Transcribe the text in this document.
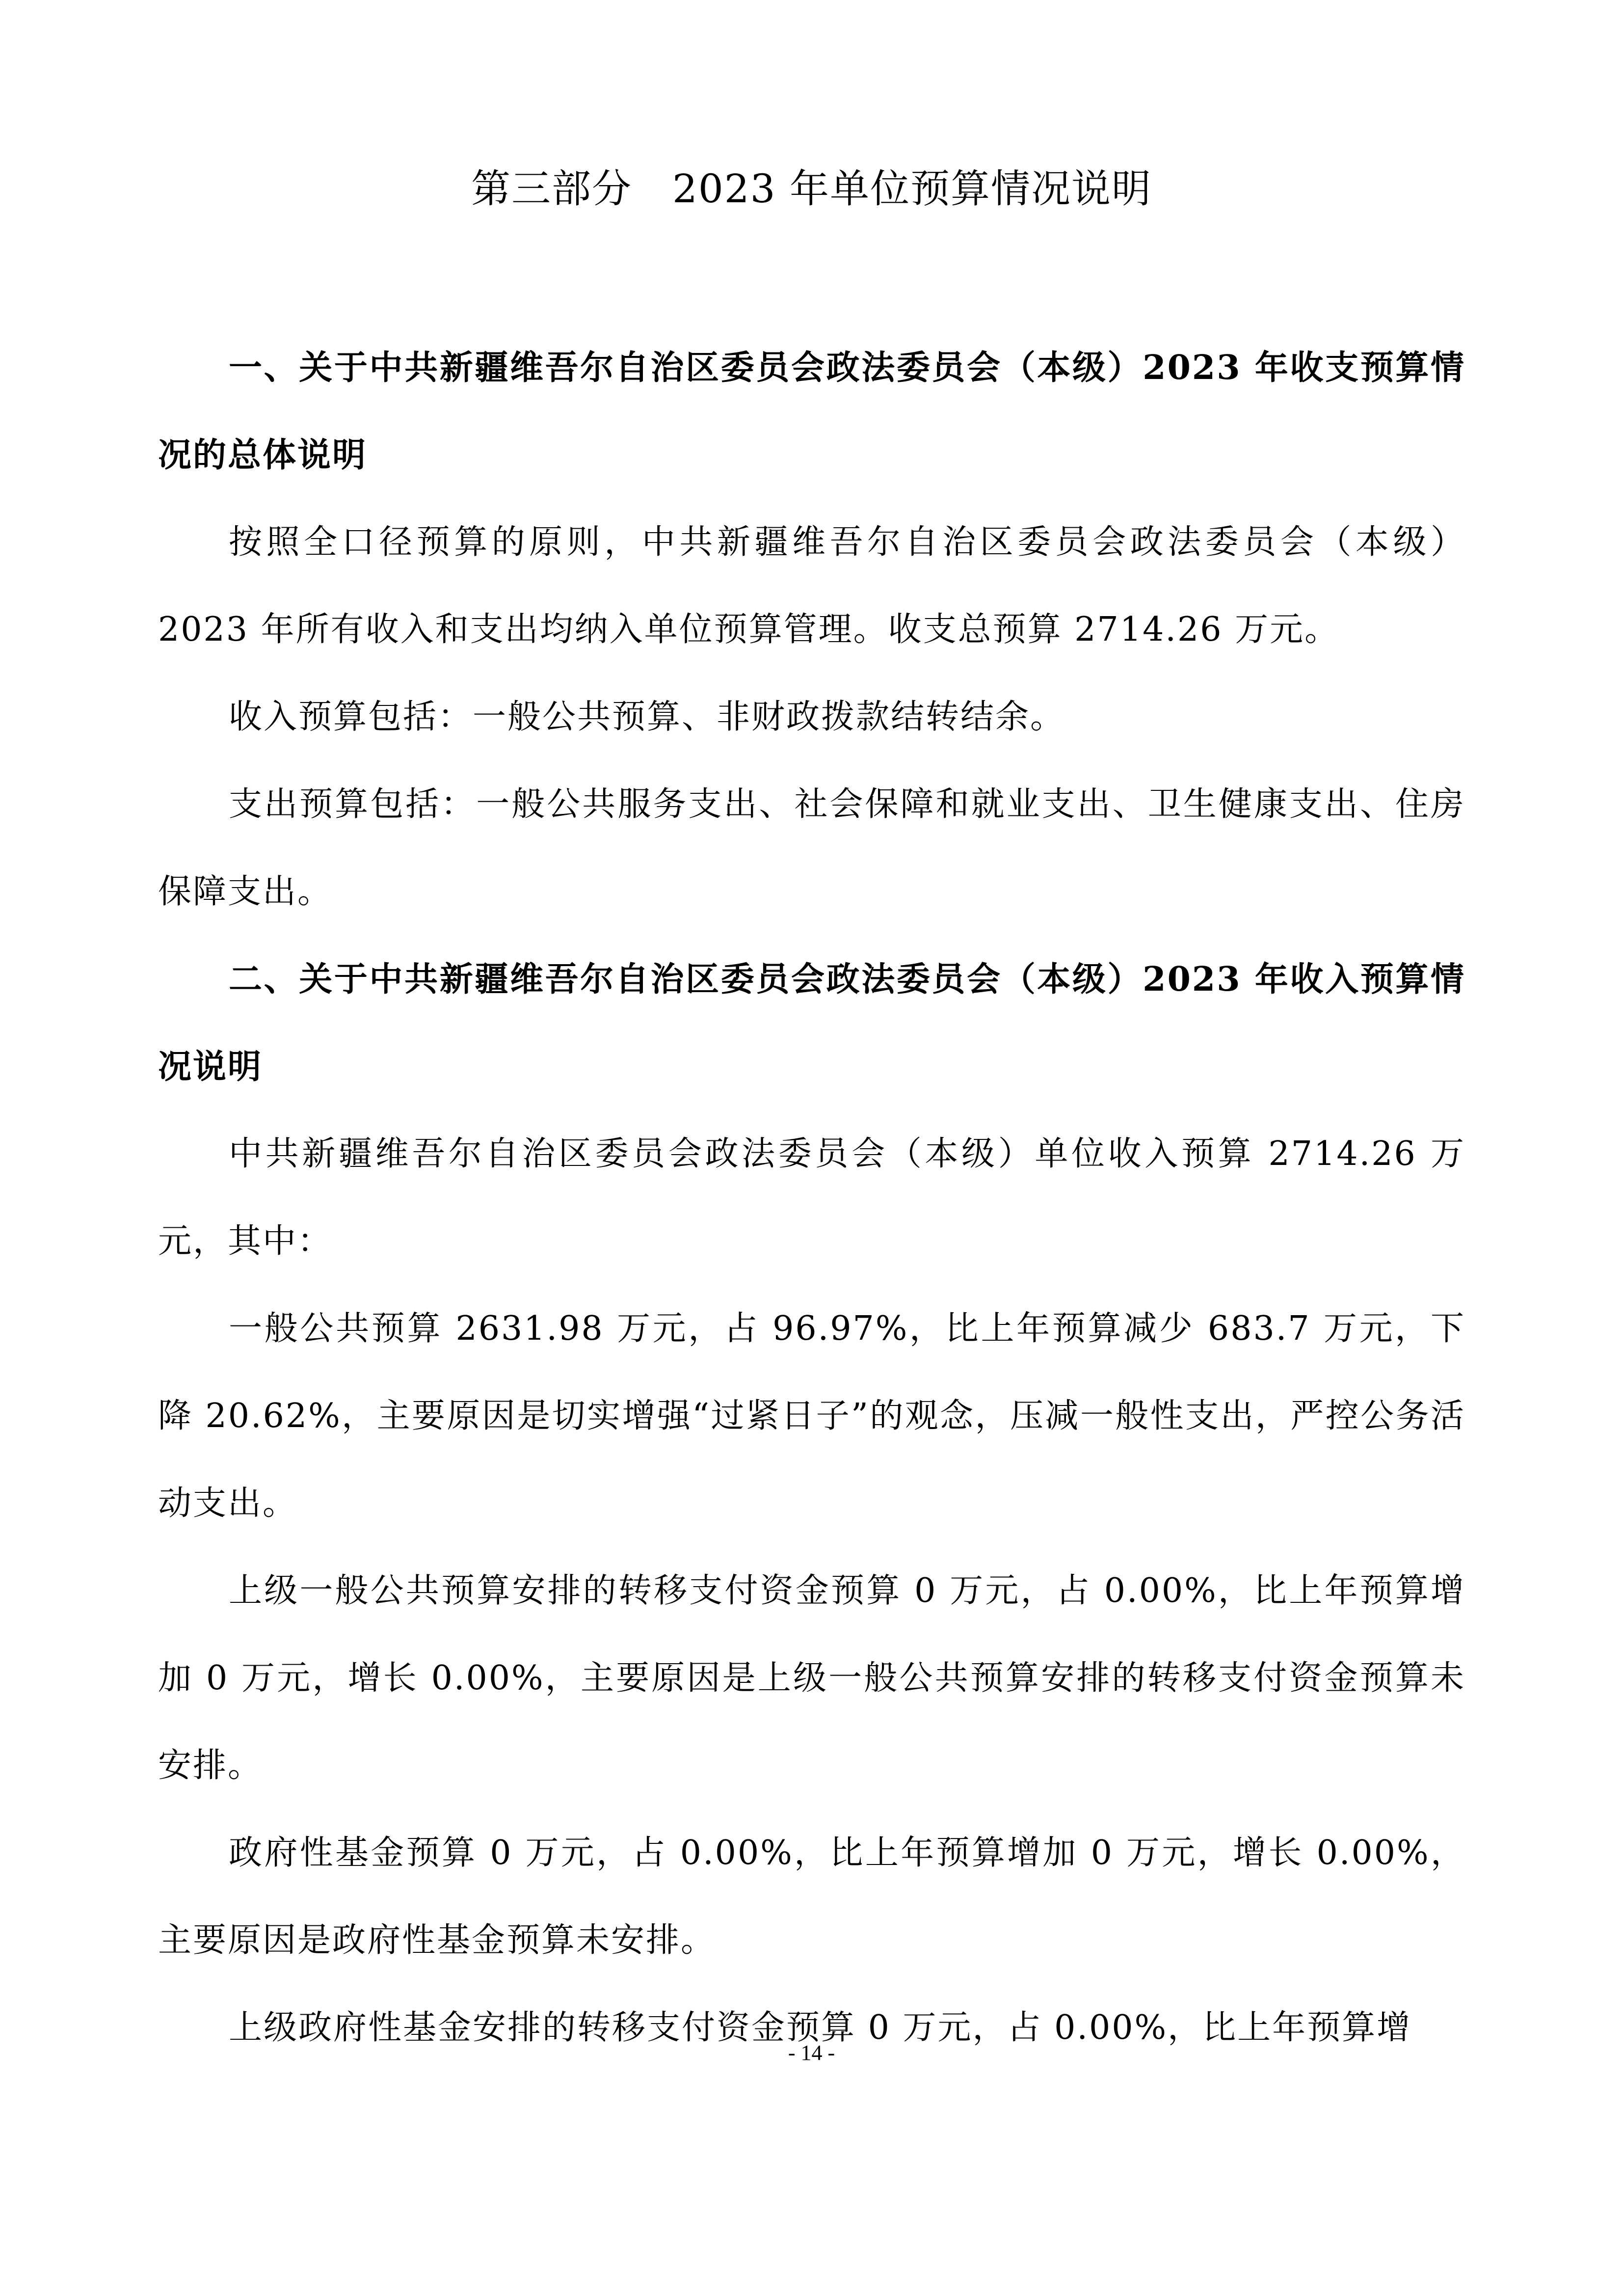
第三部分　2023 年单位预算情况说明

一、关于中共新疆维吾尔自治区委员会政法委员会（本级）2023 年收支预算情况的总体说明

按照全口径预算的原则，中共新疆维吾尔自治区委员会政法委员会（本级）2023 年所有收入和支出均纳入单位预算管理。收支总预算 2714.26 万元。

收入预算包括：一般公共预算、非财政拨款结转结余。

支出预算包括：一般公共服务支出、社会保障和就业支出、卫生健康支出、住房保障支出。

二、关于中共新疆维吾尔自治区委员会政法委员会（本级）2023 年收入预算情况说明

中共新疆维吾尔自治区委员会政法委员会（本级）单位收入预算 2714.26 万元，其中：

一般公共预算 2631.98 万元，占 96.97%，比上年预算减少 683.7 万元，下降 20.62%，主要原因是切实增强“过紧日子”的观念，压减一般性支出，严控公务活动支出。

上级一般公共预算安排的转移支付资金预算 0 万元，占 0.00%，比上年预算增加 0 万元，增长 0.00%，主要原因是上级一般公共预算安排的转移支付资金预算未安排。

政府性基金预算 0 万元，占 0.00%，比上年预算增加 0 万元，增长 0.00%，主要原因是政府性基金预算未安排。

上级政府性基金安排的转移支付资金预算 0 万元，占 0.00%，比上年预算增

- 14 -
